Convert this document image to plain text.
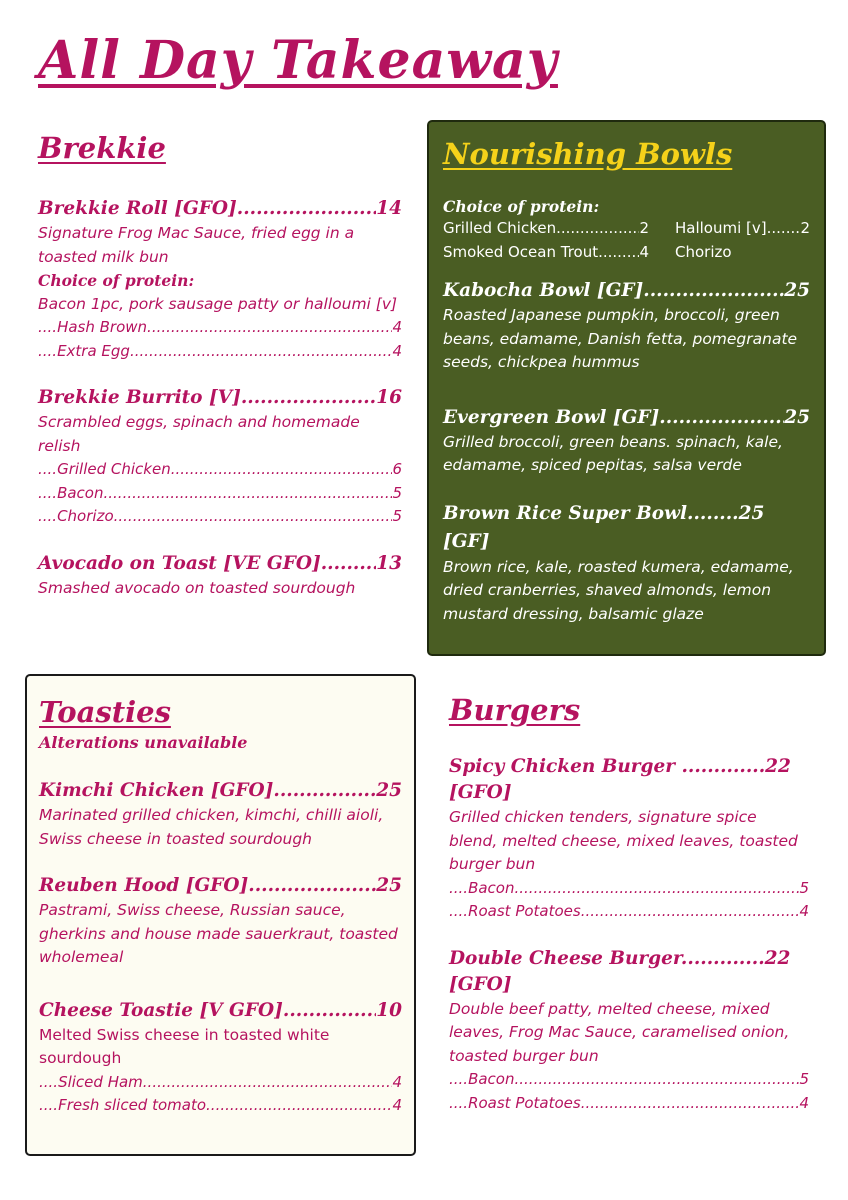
All Day Takeaway
Brekkie
Brekkie Roll [GFO] .....	14

Signature Frog Mac Sauce, fried egg in a toasted milk bun

Choice of protein:

Bacon 1pc, pork sausage patty or halloumi [v]

....Hash Brown .....	4
....Extra Egg .....	4
Brekkie Burrito [V] .....	16

Scrambled eggs, spinach and homemade relish

....Grilled Chicken .....	6
....Bacon .....	5
....Chorizo .....	5
Avocado on Toast [VE GFO] .....	13

Smashed avocado on toasted sourdough

Nourishing Bowls

Choice of protein:

Grilled Chicken .....	2
Smoked Ocean Trout .....	4
Halloumi [v] ..... 2
Chorizo
Kabocha Bowl [GF] .....	25

Roasted Japanese pumpkin, broccoli, green beans, edamame, Danish fetta, pomegranate seeds, chickpea hummus

Evergreen Bowl [GF] .....	25

Grilled broccoli, green beans. spinach, kale, edamame, spiced pepitas, salsa verde

Brown Rice Super Bowl........25 [GF]

Brown rice, kale, roasted kumera, edamame, dried cranberries, shaved almonds, lemon mustard dressing, balsamic glaze

Toasties

Alterations unavailable

Kimchi Chicken [GFO] .....	25

Marinated grilled chicken, kimchi, chilli aioli, Swiss cheese in toasted sourdough

Reuben Hood [GFO] .....	25

Pastrami, Swiss cheese, Russian sauce, gherkins and house made sauerkraut, toasted wholemeal

Cheese Toastie [V GFO] .....	10

Melted Swiss cheese in toasted white sourdough

....Sliced Ham .....	4
....Fresh sliced tomato .....	4
Burgers
Spicy Chicken Burger .............22 [GFO]

Grilled chicken tenders, signature spice blend, melted cheese, mixed leaves, toasted burger bun

....Bacon .....	5
....Roast Potatoes .....	4
Double Cheese Burger.............22 [GFO]

Double beef patty, melted cheese, mixed leaves, Frog Mac Sauce, caramelised onion, toasted burger bun

....Bacon .....	5
....Roast Potatoes .....	4
